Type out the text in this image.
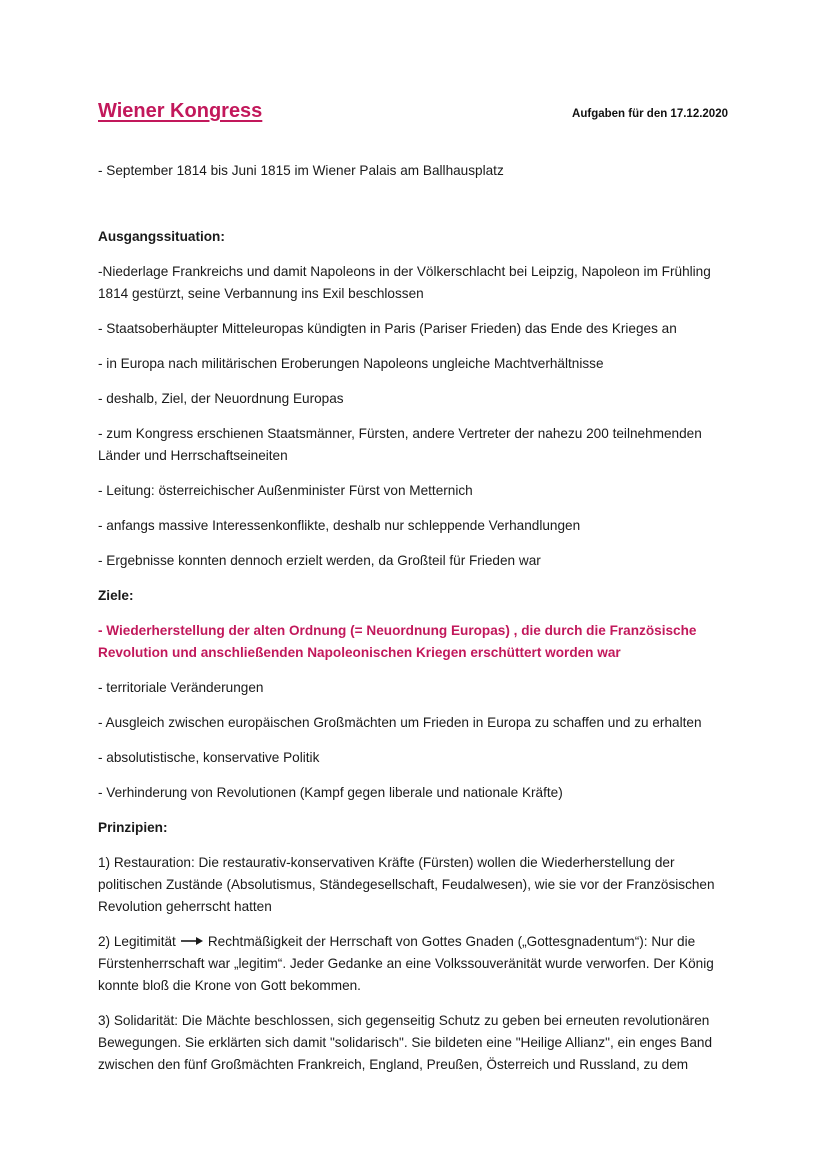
Wiener Kongress	Aufgaben für den 17.12.2020

- September 1814 bis Juni 1815 im Wiener Palais am Ballhausplatz

Ausgangssituation:

-Niederlage Frankreichs und damit Napoleons in der Völkerschlacht bei Leipzig, Napoleon im Frühling 1814 gestürzt, seine Verbannung ins Exil beschlossen

- Staatsoberhäupter Mitteleuropas kündigten in Paris (Pariser Frieden) das Ende des Krieges an

- in Europa nach militärischen Eroberungen Napoleons ungleiche Machtverhältnisse

- deshalb, Ziel, der Neuordnung Europas

- zum Kongress erschienen Staatsmänner, Fürsten, andere Vertreter der nahezu 200 teilnehmenden Länder und Herrschaftseineiten

- Leitung: österreichischer Außenminister Fürst von Metternich

- anfangs massive Interessenkonflikte, deshalb nur schleppende Verhandlungen

- Ergebnisse konnten dennoch erzielt werden, da Großteil für Frieden war

Ziele:

- Wiederherstellung der alten Ordnung (= Neuordnung Europas) , die durch die Französische Revolution und anschließenden Napoleonischen Kriegen erschüttert worden war

- territoriale Veränderungen

- Ausgleich zwischen europäischen Großmächten um Frieden in Europa zu schaffen und zu erhalten

- absolutistische, konservative Politik

- Verhinderung von Revolutionen (Kampf gegen liberale und nationale Kräfte)

Prinzipien:

1) Restauration: Die restaurativ-konservativen Kräfte (Fürsten) wollen die Wiederherstellung der politischen Zustände (Absolutismus, Ständegesellschaft, Feudalwesen), wie sie vor der Französischen Revolution geherrscht hatten

2) Legitimität Rechtmäßigkeit der Herrschaft von Gottes Gnaden („Gottesgnadentum“): Nur die Fürstenherrschaft war „legitim“. Jeder Gedanke an eine Volkssouveränität wurde verworfen. Der König konnte bloß die Krone von Gott bekommen.

3) Solidarität: Die Mächte beschlossen, sich gegenseitig Schutz zu geben bei erneuten revolutionären Bewegungen. Sie erklärten sich damit "solidarisch". Sie bildeten eine "Heilige Allianz", ein enges Band zwischen den fünf Großmächten Frankreich, England, Preußen, Österreich und Russland, zu dem
